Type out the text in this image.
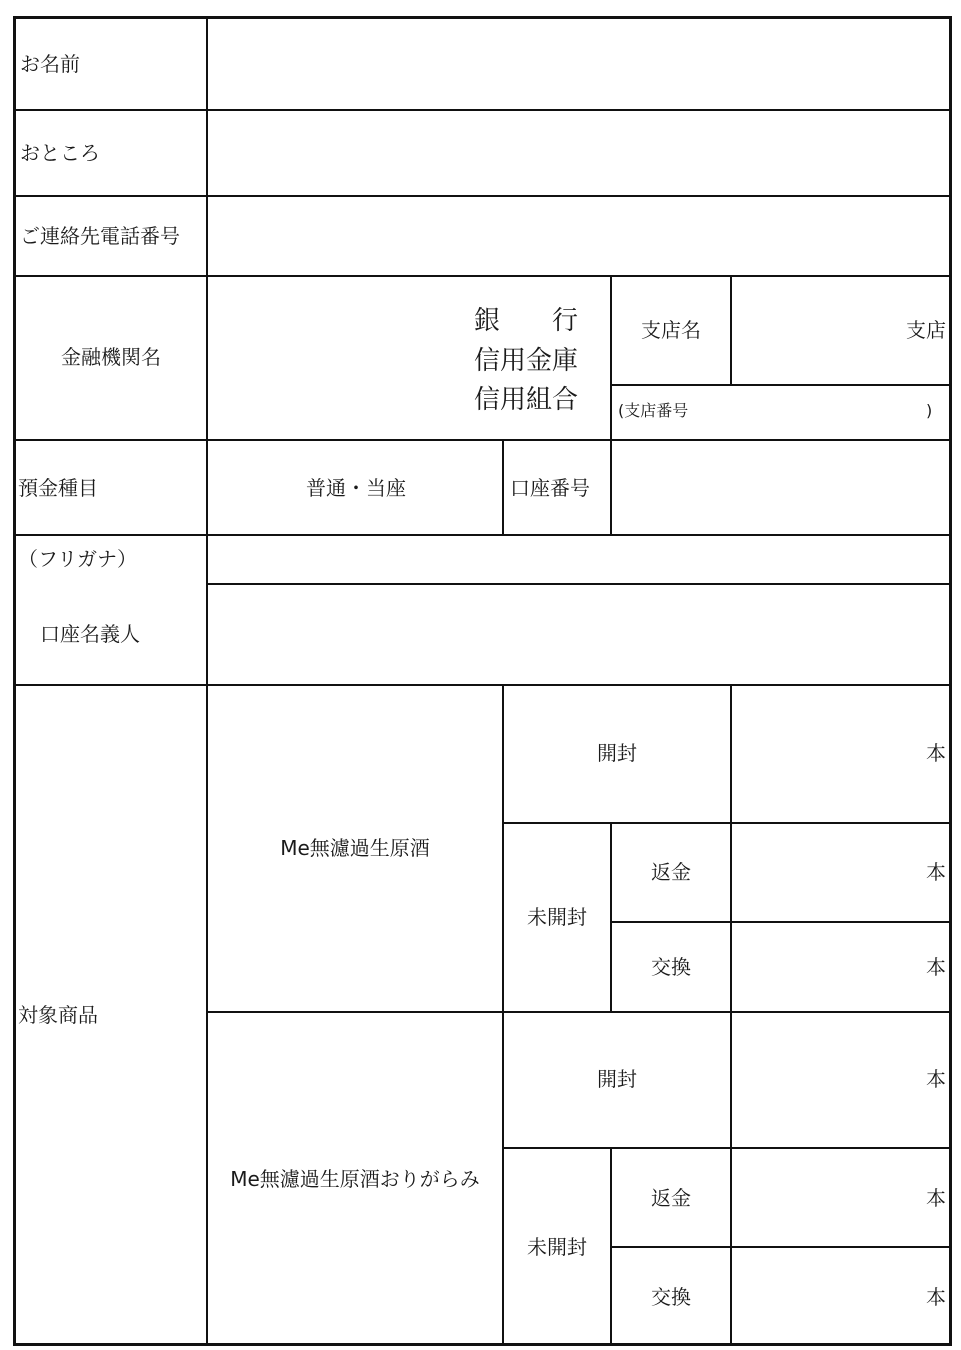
お名前
おところ
ご連絡先電話番号
金融機関名
銀　　行
信用金庫
信用組合
支店名	支店
(支店番号	)
預金種目	普通・当座	口座番号
（フリガナ）
口座名義人
対象商品
Me無濾過生原酒
開封	本
未開封
返金	本
交換	本
Me無濾過生原酒おりがらみ
開封	本
未開封
返金	本
交換	本
